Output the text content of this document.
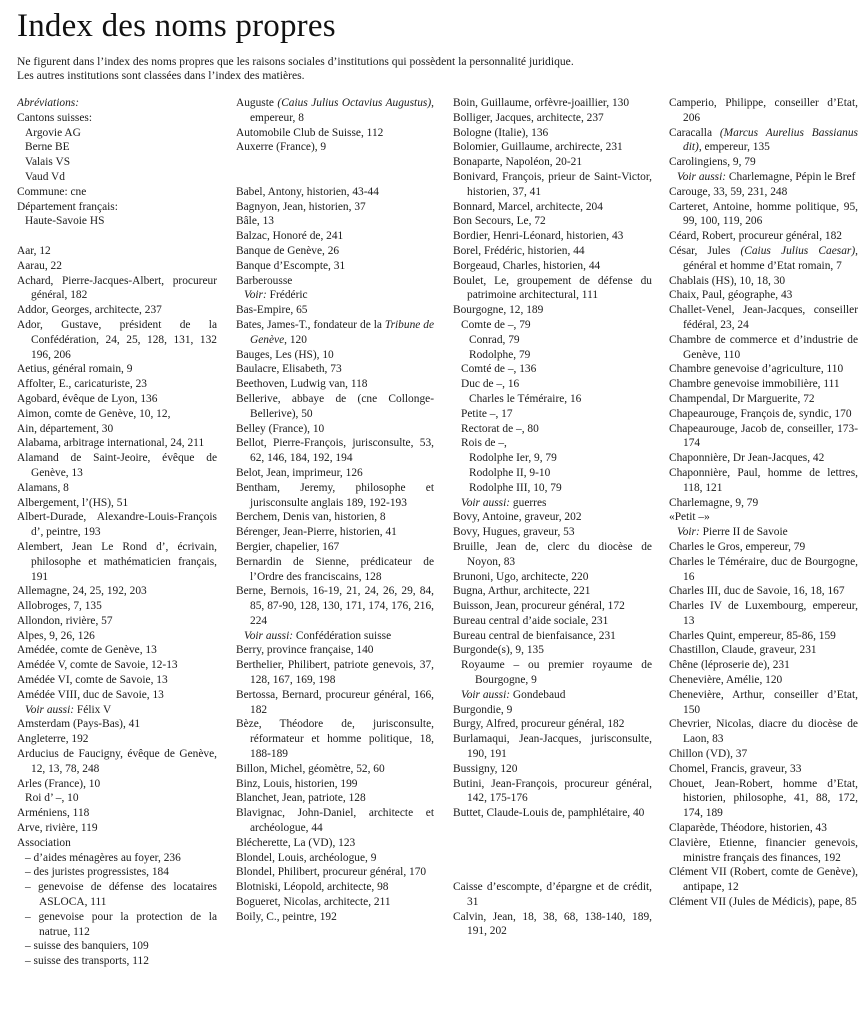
Index des noms propres
Ne figurent dans l’index des noms propres que les raisons sociales d’institutions qui possèdent la personnalité juridique.
Les autres institutions sont classées dans l’index des matières.

Abréviations:

Cantons suisses:

Argovie AG

Berne BE

Valais VS

Vaud Vd

Commune: cne

Département français:

Haute-Savoie HS

Aar, 12

Aarau, 22

Achard, Pierre-Jacques-Albert, procureur général, 182

Addor, Georges, architecte, 237

Ador, Gustave, président de la Confédération, 24, 25, 128, 131, 132 196, 206

Aetius, général romain, 9

Affolter, E., caricaturiste, 23

Agobard, évêque de Lyon, 136

Aimon, comte de Genève, 10, 12,

Ain, département, 30

Alabama, arbitrage international, 24, 211

Alamand de Saint-Jeoire, évêque de Genève, 13

Alamans, 8

Albergement, l’(HS), 51

Albert-Durade, Alexandre-Louis-François d’, peintre, 193

Alembert, Jean Le Rond d’, écrivain, philosophe et mathématicien français, 191

Allemagne, 24, 25, 192, 203

Allobroges, 7, 135

Allondon, rivière, 57

Alpes, 9, 26, 126

Amédée, comte de Genève, 13

Amédée V, comte de Savoie, 12-13

Amédée VI, comte de Savoie, 13

Amédée VIII, duc de Savoie, 13

Voir aussi: Félix V

Amsterdam (Pays-Bas), 41

Angleterre, 192

Arducius de Faucigny, évêque de Genève, 12, 13, 78, 248

Arles (France), 10

Roi d’ –, 10

Arméniens, 118

Arve, rivière, 119

Association

– d’aides ménagères au foyer, 236

– des juristes progressistes, 184

– genevoise de défense des locataires ASLOCA, 111

– genevoise pour la protection de la natrue, 112

– suisse des banquiers, 109

– suisse des transports, 112

Auguste (Caius Julius Octavius Augustus), empereur, 8

Automobile Club de Suisse, 112

Auxerre (France), 9

Babel, Antony, historien, 43-44

Bagnyon, Jean, historien, 37

Bâle, 13

Balzac, Honoré de, 241

Banque de Genève, 26

Banque d’Escompte, 31

Barberousse

Voir: Frédéric

Bas-Empire, 65

Bates, James-T., fondateur de la Tribune de Genève, 120

Bauges, Les (HS), 10

Baulacre, Elisabeth, 73

Beethoven, Ludwig van, 118

Bellerive, abbaye de (cne Collonge-Bellerive), 50

Belley (France), 10

Bellot, Pierre-François, jurisconsulte, 53, 62, 146, 184, 192, 194

Belot, Jean, imprimeur, 126

Bentham, Jeremy, philosophe et jurisconsulte anglais 189, 192-193

Berchem, Denis van, historien, 8

Bérenger, Jean-Pierre, historien, 41

Bergier, chapelier, 167

Bernardin de Sienne, prédicateur de l’Ordre des franciscains, 128

Berne, Bernois, 16-19, 21, 24, 26, 29, 84, 85, 87-90, 128, 130, 171, 174, 176, 216, 224

Voir aussi: Confédération suisse

Berry, province française, 140

Berthelier, Philibert, patriote genevois, 37, 128, 167, 169, 198

Bertossa, Bernard, procureur général, 166, 182

Bèze, Théodore de, jurisconsulte, réformateur et homme politique, 18, 188-189

Billon, Michel, géomètre, 52, 60

Binz, Louis, historien, 199

Blanchet, Jean, patriote, 128

Blavignac, John-Daniel, architecte et archéologue, 44

Blécherette, La (VD), 123

Blondel, Louis, archéologue, 9

Blondel, Philibert, procureur général, 170

Blotniski, Léopold, architecte, 98

Bogueret, Nicolas, architecte, 211

Boily, C., peintre, 192

Boin, Guillaume, orfèvre-joaillier, 130

Bolliger, Jacques, architecte, 237

Bologne (Italie), 136

Bolomier, Guillaume, archirecte, 231

Bonaparte, Napoléon, 20-21

Bonivard, François, prieur de Saint-Victor, historien, 37, 41

Bonnard, Marcel, architecte, 204

Bon Secours, Le, 72

Bordier, Henri-Léonard, historien, 43

Borel, Frédéric, historien, 44

Borgeaud, Charles, historien, 44

Boulet, Le, groupement de défense du patrimoine architectural, 111

Bourgogne, 12, 189

Comte de –, 79

Conrad, 79

Rodolphe, 79

Comté de –, 136

Duc de –, 16

Charles le Téméraire, 16

Petite –, 17

Rectorat de –, 80

Rois de –,

Rodolphe Ier, 9, 79

Rodolphe II, 9-10

Rodolphe III, 10, 79

Voir aussi: guerres

Bovy, Antoine, graveur, 202

Bovy, Hugues, graveur, 53

Bruille, Jean de, clerc du diocèse de Noyon, 83

Brunoni, Ugo, architecte, 220

Bugna, Arthur, architecte, 221

Buisson, Jean, procureur général, 172

Bureau central d’aide sociale, 231

Bureau central de bienfaisance, 231

Burgonde(s), 9, 135

Royaume – ou premier royaume de Bourgogne, 9

Voir aussi: Gondebaud

Burgondie, 9

Burgy, Alfred, procureur général, 182

Burlamaqui, Jean-Jacques, jurisconsulte, 190, 191

Bussigny, 120

Butini, Jean-François, procureur général, 142, 175-176

Buttet, Claude-Louis de, pamphlétaire, 40

Caisse d’escompte, d’épargne et de crédit, 31

Calvin, Jean, 18, 38, 68, 138-140, 189, 191, 202

Camperio, Philippe, conseiller d’Etat, 206

Caracalla (Marcus Aurelius Bassianus dit), empereur, 135

Carolingiens, 9, 79

Voir aussi: Charlemagne, Pépin le Bref

Carouge, 33, 59, 231, 248

Carteret, Antoine, homme politique, 95, 99, 100, 119, 206

Céard, Robert, procureur général, 182

César, Jules (Caius Julius Caesar), général et homme d’Etat romain, 7

Chablais (HS), 10, 18, 30

Chaix, Paul, géographe, 43

Challet-Venel, Jean-Jacques, conseiller fédéral, 23, 24

Chambre de commerce et d’industrie de Genève, 110

Chambre genevoise d’agriculture, 110

Chambre genevoise immobilière, 111

Champendal, Dr Marguerite, 72

Chapeaurouge, François de, syndic, 170

Chapeaurouge, Jacob de, conseiller, 173-174

Chaponnière, Dr Jean-Jacques, 42

Chaponnière, Paul, homme de lettres, 118, 121

Charlemagne, 9, 79

«Petit –»

Voir: Pierre II de Savoie

Charles le Gros, empereur, 79

Charles le Téméraire, duc de Bourgogne, 16

Charles III, duc de Savoie, 16, 18, 167

Charles IV de Luxembourg, empereur, 13

Charles Quint, empereur, 85-86, 159

Chastillon, Claude, graveur, 231

Chêne (léproserie de), 231

Chenevière, Amélie, 120

Chenevière, Arthur, conseiller d’Etat, 150

Chevrier, Nicolas, diacre du diocèse de Laon, 83

Chillon (VD), 37

Chomel, Francis, graveur, 33

Chouet, Jean-Robert, homme d’Etat, historien, philosophe, 41, 88, 172, 174, 189

Claparède, Théodore, historien, 43

Clavière, Etienne, financier genevois, ministre français des finances, 192

Clément VII (Robert, comte de Genève), antipape, 12

Clément VII (Jules de Médicis), pape, 85
